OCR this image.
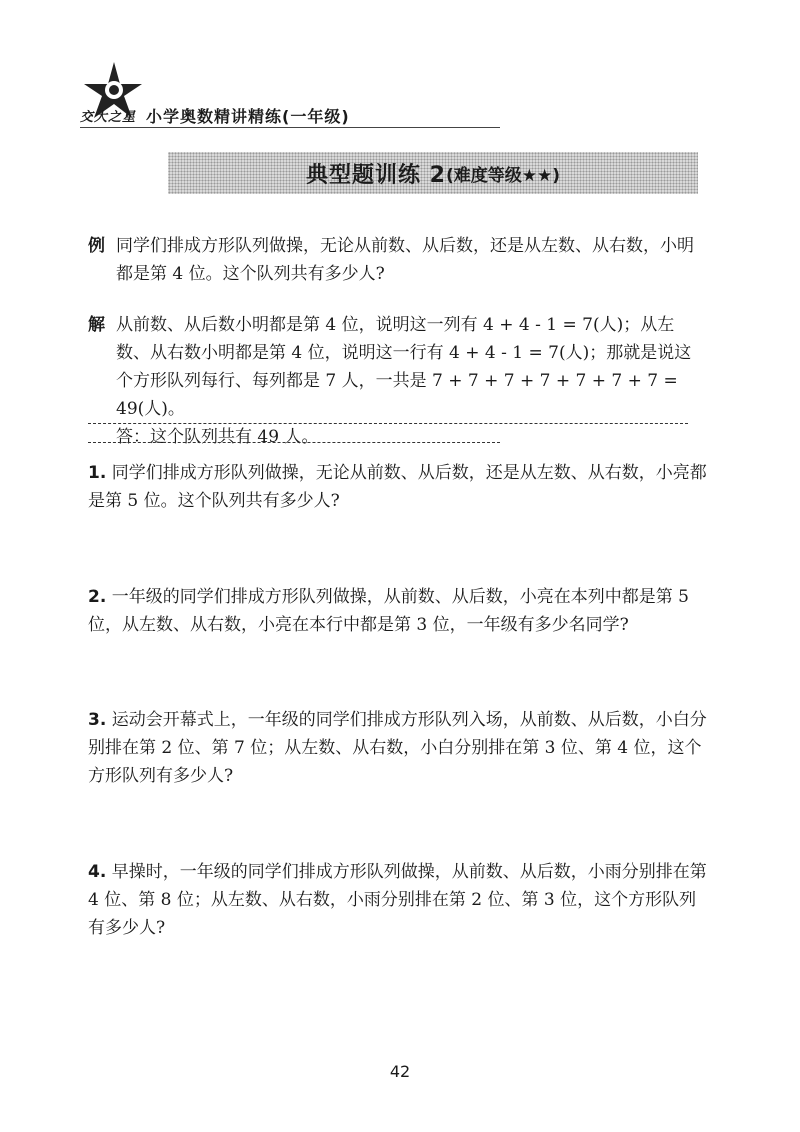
交大之星 小学奥数精讲精练(一年级)
典型题训练 2 (难度等级★★)
例 同学们排成方形队列做操，无论从前数、从后数，还是从左数、从右数，小明都是第 4 位。这个队列共有多少人?
解 从前数、从后数小明都是第 4 位，说明这一列有 4 + 4 - 1 = 7(人)；从左数、从右数小明都是第 4 位，说明这一行有 4 + 4 - 1 = 7(人)；那就是说这个方形队列每行、每列都是 7 人，一共是 7 + 7 + 7 + 7 + 7 + 7 + 7 = 49(人)。
答：这个队列共有 49 人。
1. 同学们排成方形队列做操，无论从前数、从后数，还是从左数、从右数，小亮都是第 5 位。这个队列共有多少人?
2. 一年级的同学们排成方形队列做操，从前数、从后数，小亮在本列中都是第 5 位，从左数、从右数，小亮在本行中都是第 3 位，一年级有多少名同学?
3. 运动会开幕式上，一年级的同学们排成方形队列入场，从前数、从后数，小白分别排在第 2 位、第 7 位；从左数、从右数，小白分别排在第 3 位、第 4 位，这个方形队列有多少人?
4. 早操时，一年级的同学们排成方形队列做操，从前数、从后数，小雨分别排在第 4 位、第 8 位；从左数、从右数，小雨分别排在第 2 位、第 3 位，这个方形队列有多少人?
42
